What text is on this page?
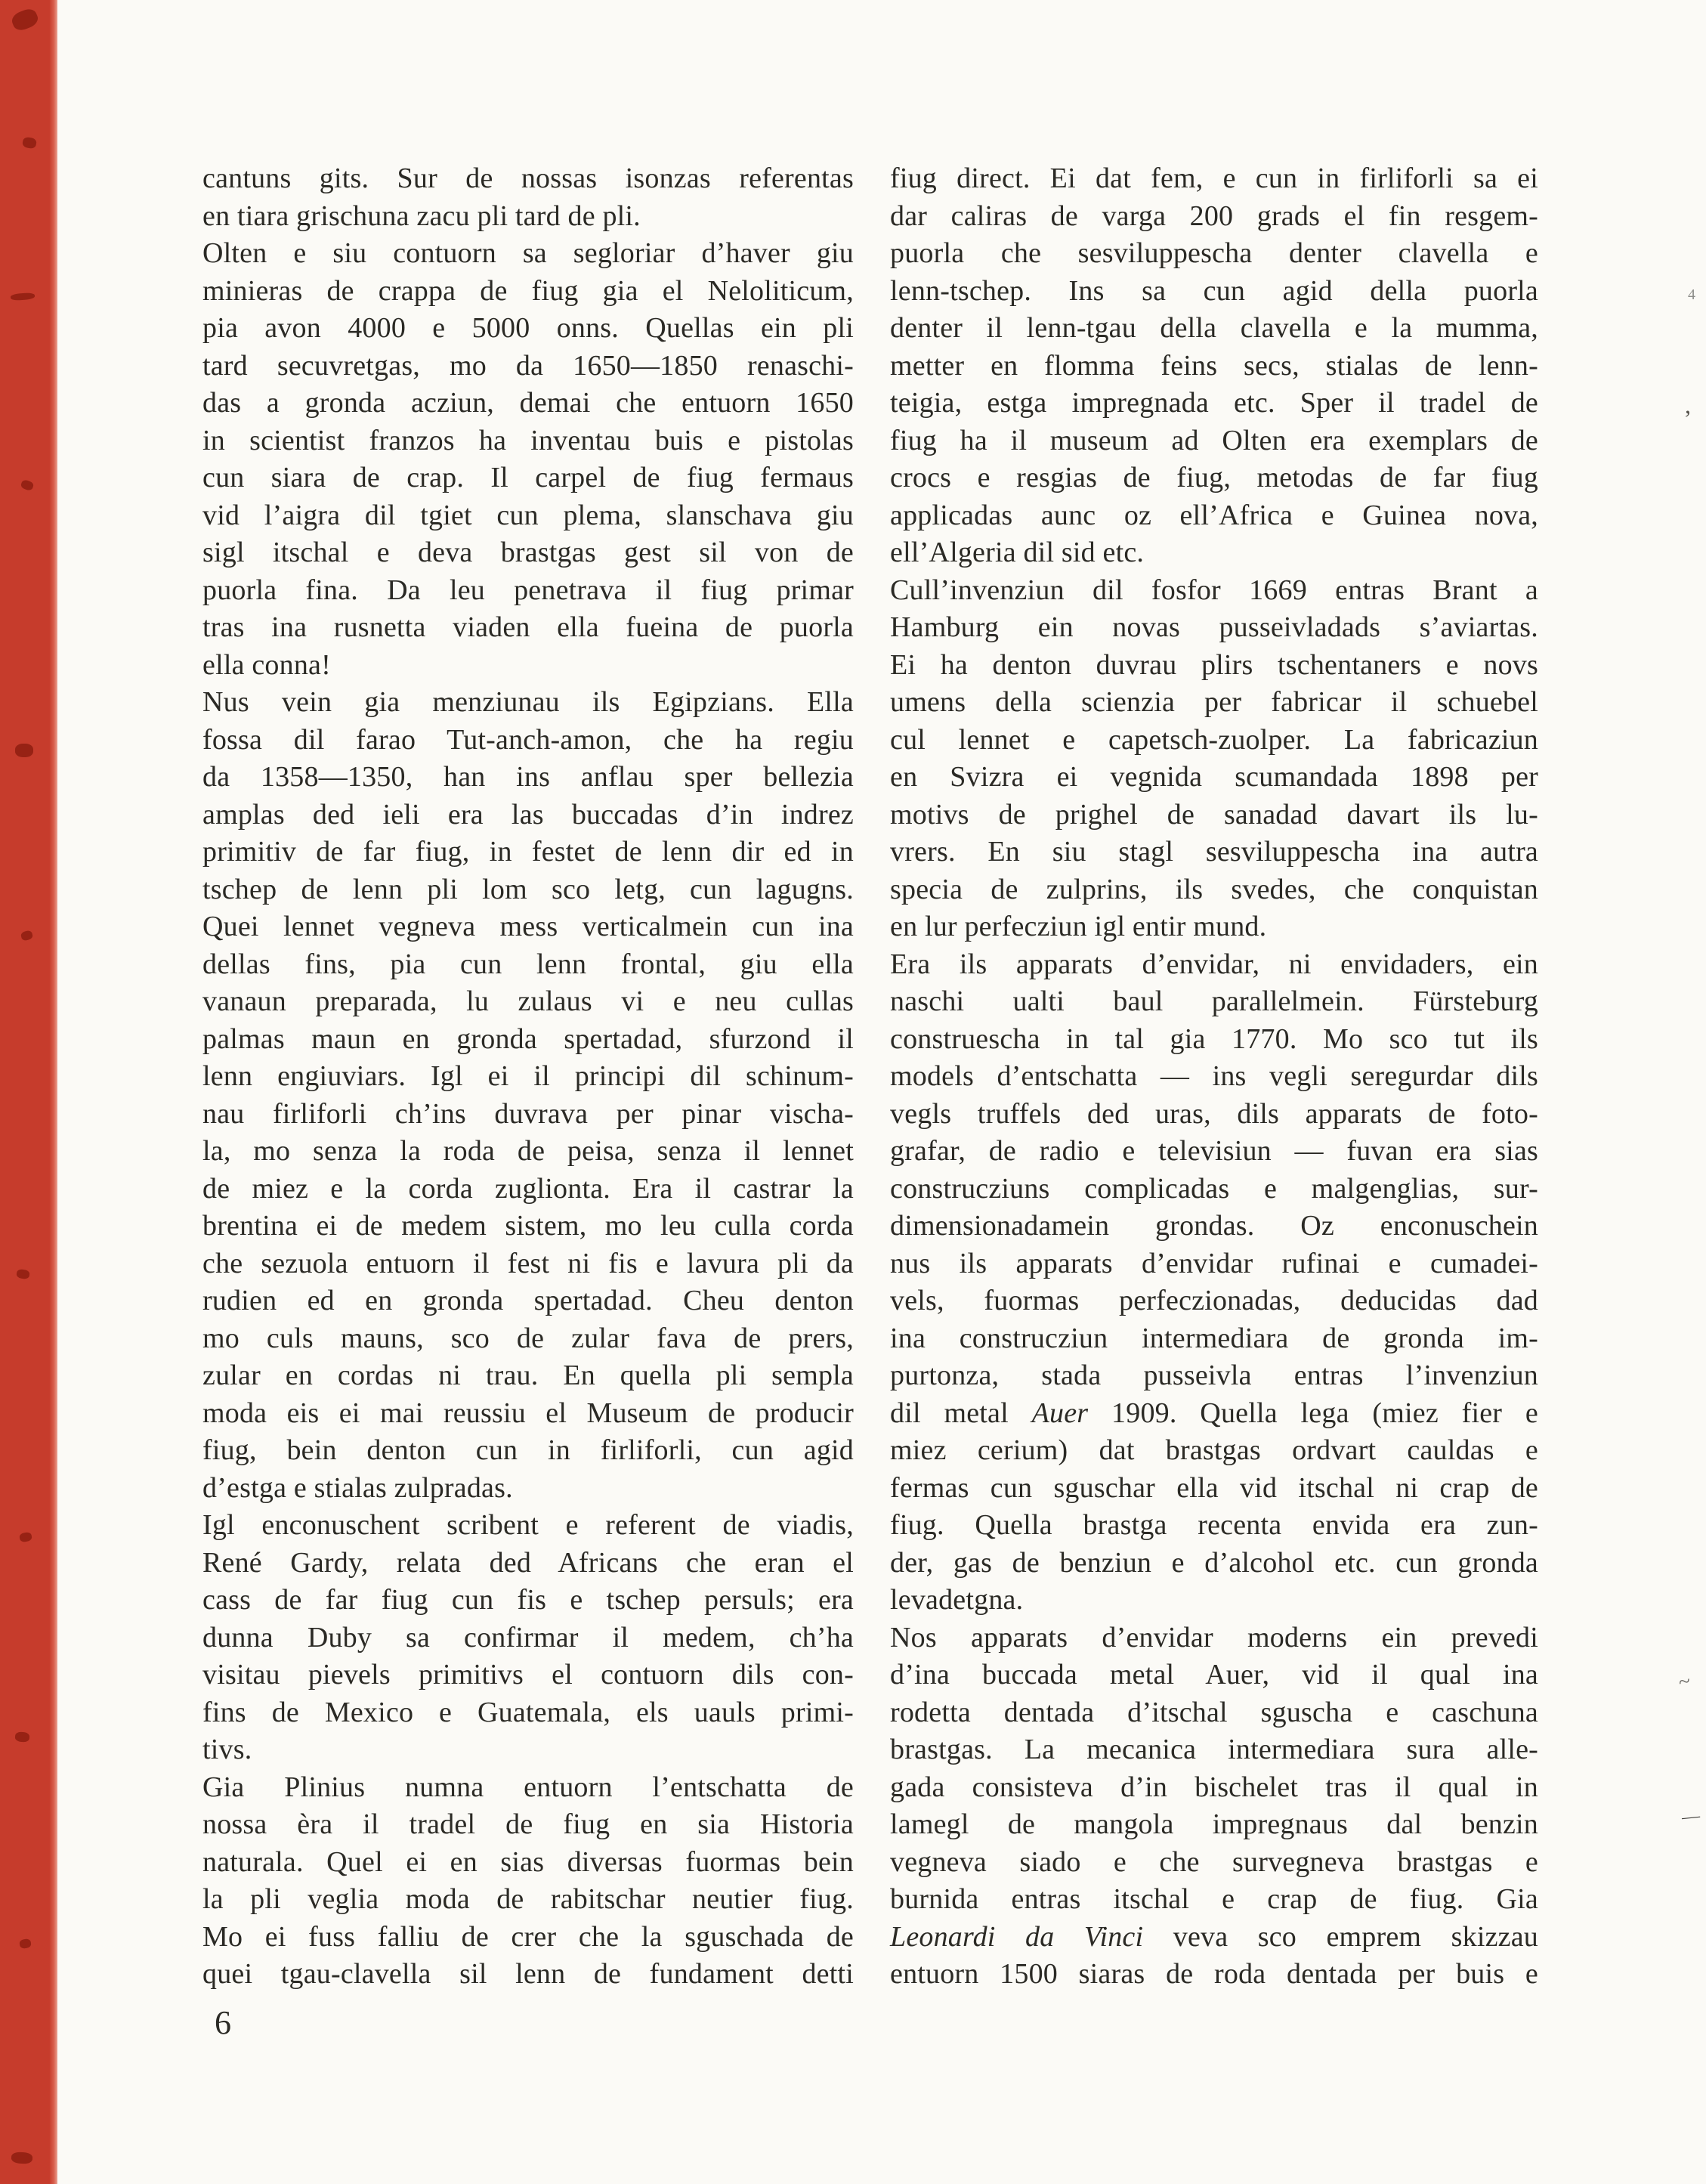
cantuns gits. Sur de nossas isonzas referentas
en tiara grischuna zacu pli tard de pli.
Olten e siu contuorn sa segloriar d’haver giu
minieras de crappa de fiug gia el Neloliticum,
pia avon 4000 e 5000 onns. Quellas ein pli
tard secuvretgas, mo da 1650—1850 renaschi-
das a gronda acziun, demai che entuorn 1650
in scientist franzos ha inventau buis e pistolas
cun siara de crap. Il carpel de fiug fermaus
vid l’aigra dil tgiet cun plema, slanschava giu
sigl itschal e deva brastgas gest sil von de
puorla fina. Da leu penetrava il fiug primar
tras ina rusnetta viaden ella fueina de puorla
ella conna!
Nus vein gia menziunau ils Egipzians. Ella
fossa dil farao Tut-anch-amon, che ha regiu
da 1358—1350, han ins anflau sper bellezia
amplas ded ieli era las buccadas d’in indrez
primitiv de far fiug, in festet de lenn dir ed in
tschep de lenn pli lom sco letg, cun lagugns.
Quei lennet vegneva mess verticalmein cun ina
dellas fins, pia cun lenn frontal, giu ella
vanaun preparada, lu zulaus vi e neu cullas
palmas maun en gronda spertadad, sfurzond il
lenn engiuviars. Igl ei il principi dil schinum-
nau firliforli ch’ins duvrava per pinar vischa-
la, mo senza la roda de peisa, senza il lennet
de miez e la corda zuglionta. Era il castrar la
brentina ei de medem sistem, mo leu culla corda
che sezuola entuorn il fest ni fis e lavura pli da
rudien ed en gronda spertadad. Cheu denton
mo culs mauns, sco de zular fava de prers,
zular en cordas ni trau. En quella pli sempla
moda eis ei mai reussiu el Museum de producir
fiug, bein denton cun in firliforli, cun agid
d’estga e stialas zulpradas.
Igl enconuschent scribent e referent de viadis,
René Gardy, relata ded Africans che eran el
cass de far fiug cun fis e tschep persuls; era
dunna Duby sa confirmar il medem, ch’ha
visitau pievels primitivs el contuorn dils con-
fins de Mexico e Guatemala, els uauls primi-
tivs.
Gia Plinius numna entuorn l’entschatta de
nossa èra il tradel de fiug en sia Historia
naturala. Quel ei en sias diversas fuormas bein
la pli veglia moda de rabitschar neutier fiug.
Mo ei fuss falliu de crer che la sguschada de
quei tgau-clavella sil lenn de fundament detti
fiug direct. Ei dat fem, e cun in firliforli sa ei
dar caliras de varga 200 grads el fin resgem-
puorla che sesviluppescha denter clavella e
lenn-tschep. Ins sa cun agid della puorla
denter il lenn-tgau della clavella e la mumma,
metter en flomma feins secs, stialas de lenn-
teigia, estga impregnada etc. Sper il tradel de
fiug ha il museum ad Olten era exemplars de
crocs e resgias de fiug, metodas de far fiug
applicadas aunc oz ell’Africa e Guinea nova,
ell’Algeria dil sid etc.
Cull’invenziun dil fosfor 1669 entras Brant a
Hamburg ein novas pusseivladads s’aviartas.
Ei ha denton duvrau plirs tschentaners e novs
umens della scienzia per fabricar il schuebel
cul lennet e capetsch-zuolper. La fabricaziun
en Svizra ei vegnida scumandada 1898 per
motivs de prighel de sanadad davart ils lu-
vrers. En siu stagl sesviluppescha ina autra
specia de zulprins, ils svedes, che conquistan
en lur perfecziun igl entir mund.
Era ils apparats d’envidar, ni envidaders, ein
naschi ualti baul parallelmein. Fürsteburg
construescha in tal gia 1770. Mo sco tut ils
models d’entschatta — ins vegli seregurdar dils
vegls truffels ded uras, dils apparats de foto-
grafar, de radio e televisiun — fuvan era sias
construcziuns complicadas e malgenglias, sur-
dimensionadamein grondas. Oz enconuschein
nus ils apparats d’envidar rufinai e cumadei-
vels, fuormas perfeczionadas, deducidas dad
ina construcziun intermediara de gronda im-
purtonza, stada pusseivla entras l’invenziun
dil metal Auer 1909. Quella lega (miez fier e
miez cerium) dat brastgas ordvart cauldas e
fermas cun sguschar ella vid itschal ni crap de
fiug. Quella brastga recenta envida era zun-
der, gas de benziun e d’alcohol etc. cun gronda
levadetgna.
Nos apparats d’envidar moderns ein prevedi
d’ina buccada metal Auer, vid il qual ina
rodetta dentada d’itschal sguscha e caschuna
brastgas. La mecanica intermediara sura alle-
gada consisteva d’in bischelet tras il qual in
lamegl de mangola impregnaus dal benzin
vegneva siado e che survegneva brastgas e
burnida entras itschal e crap de fiug. Gia
Leonardi da Vinci veva sco emprem skizzau
entuorn 1500 siaras de roda dentada per buis e
6
4
,
~
—
